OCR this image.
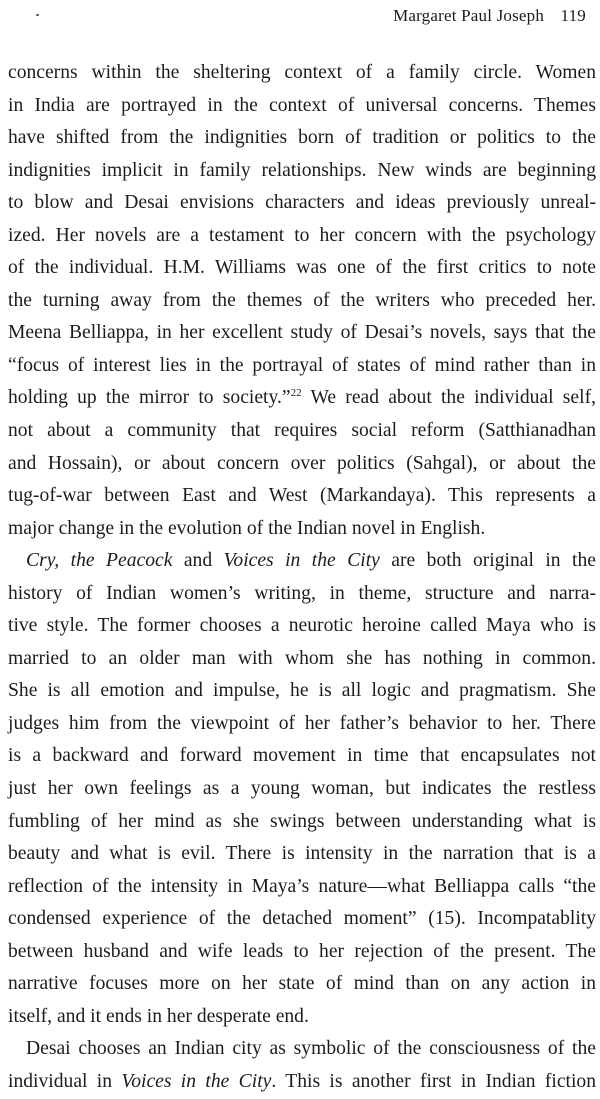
Margaret Paul Joseph 119
concerns within the sheltering context of a family circle. Women
in India are portrayed in the context of universal concerns. Themes
have shifted from the indignities born of tradition or politics to the
indignities implicit in family relationships. New winds are beginning
to blow and Desai envisions characters and ideas previously unreal-
ized. Her novels are a testament to her concern with the psychology
of the individual. H.M. Williams was one of the first critics to note
the turning away from the themes of the writers who preceded her.
Meena Belliappa, in her excellent study of Desai’s novels, says that the
“focus of interest lies in the portrayal of states of mind rather than in
holding up the mirror to society.”$^{22}$ We read about the individual self,
not about a community that requires social reform (Satthianadhan
and Hossain), or about concern over politics (Sahgal), or about the
tug-of-war between East and West (Markandaya). This represents a
major change in the evolution of the Indian novel in English.
Cry, the Peacock and Voices in the City are both original in the
history of Indian women’s writing, in theme, structure and narra-
tive style. The former chooses a neurotic heroine called Maya who is
married to an older man with whom she has nothing in common.
She is all emotion and impulse, he is all logic and pragmatism. She
judges him from the viewpoint of her father’s behavior to her. There
is a backward and forward movement in time that encapsulates not
just her own feelings as a young woman, but indicates the restless
fumbling of her mind as she swings between understanding what is
beauty and what is evil. There is intensity in the narration that is a
reflection of the intensity in Maya’s nature—what Belliappa calls “the
condensed experience of the detached moment” (15). Incompatablity
between husband and wife leads to her rejection of the present. The
narrative focuses more on her state of mind than on any action in
itself, and it ends in her desperate end.
Desai chooses an Indian city as symbolic of the consciousness of the
individual in Voices in the City. This is another first in Indian fiction
